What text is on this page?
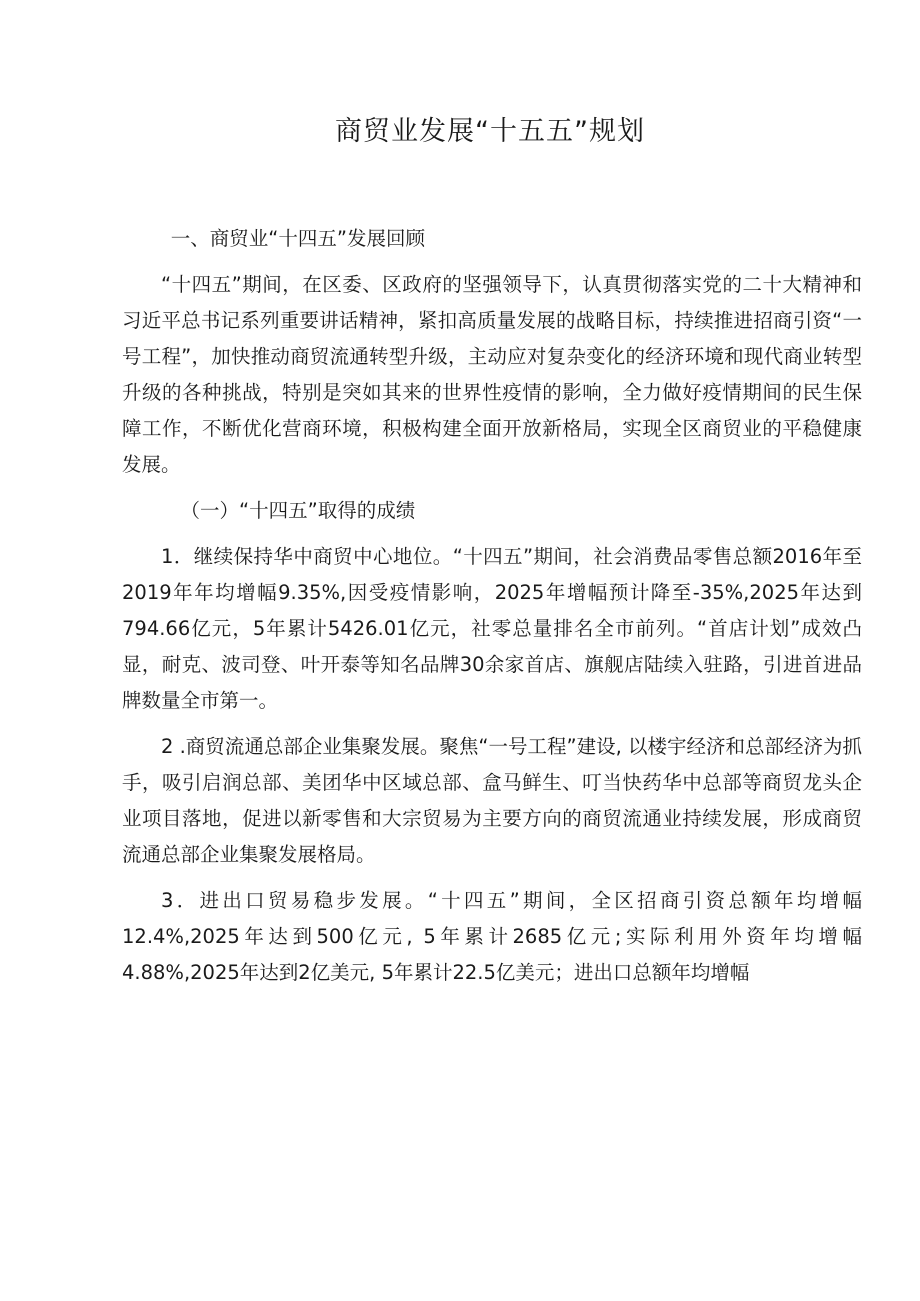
商贸业发展“十五五”规划

一、商贸业“十四五”发展回顾

“十四五”期间，在区委、区政府的坚强领导下，认真贯彻落实党的二十大精神和习近平总书记系列重要讲话精神，紧扣高质量发展的战略目标，持续推进招商引资“一号工程”，加快推动商贸流通转型升级，主动应对复杂变化的经济环境和现代商业转型升级的各种挑战，特别是突如其来的世界性疫情的影响，全力做好疫情期间的民生保障工作，不断优化营商环境，积极构建全面开放新格局，实现全区商贸业的平稳健康发展。

（一）“十四五”取得的成绩

1．继续保持华中商贸中心地位。“十四五”期间，社会消费品零售总额2016年至2019年年均增幅9.35%,因受疫情影响，2025年增幅预计降至-35%,2025年达到794.66亿元，5年累计5426.01亿元，社零总量排名全市前列。“首店计划”成效凸显，耐克、波司登、叶开泰等知名品牌30余家首店、旗舰店陆续入驻路，引进首进品牌数量全市第一。

2 .商贸流通总部企业集聚发展。聚焦“一号工程”建设, 以楼宇经济和总部经济为抓手，吸引启润总部、美团华中区域总部、盒马鲜生、叮当快药华中总部等商贸龙头企业项目落地，促进以新零售和大宗贸易为主要方向的商贸流通业持续发展，形成商贸流通总部企业集聚发展格局。

3．进出口贸易稳步发展。“十四五”期间，全区招商引资总额年均增幅12.4%,2025年达到500亿元, 5年累计2685亿元;实际利用外资年均增幅4.88%,2025年达到2亿美元, 5年累计22.5亿美元；进出口总额年均增幅
